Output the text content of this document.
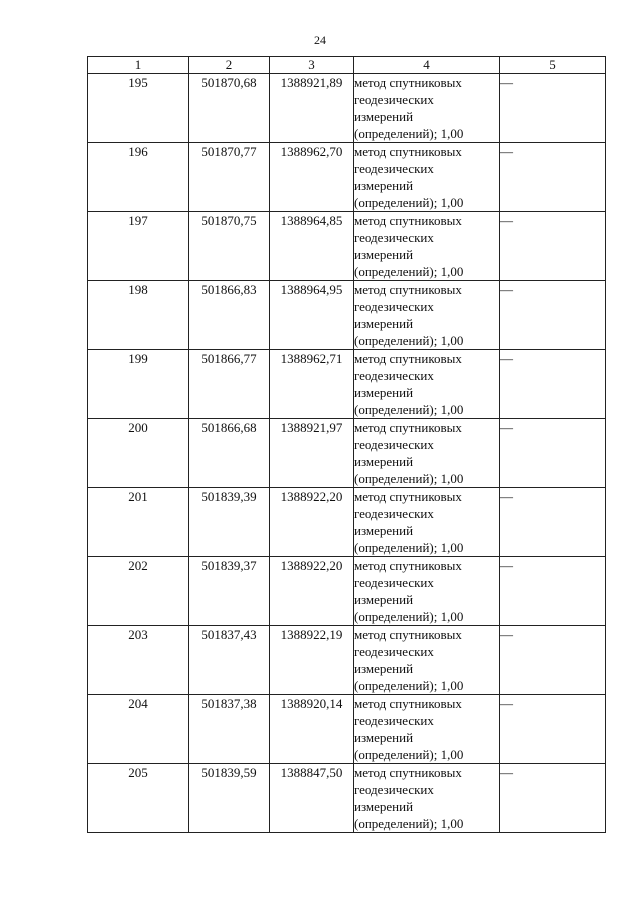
24
1	2	3	4	5
195	501870,68	1388921,89	метод спутниковых
геодезических
измерений
(определений); 1,00	—
196	501870,77	1388962,70	метод спутниковых
геодезических
измерений
(определений); 1,00	—
197	501870,75	1388964,85	метод спутниковых
геодезических
измерений
(определений); 1,00	—
198	501866,83	1388964,95	метод спутниковых
геодезических
измерений
(определений); 1,00	—
199	501866,77	1388962,71	метод спутниковых
геодезических
измерений
(определений); 1,00	—
200	501866,68	1388921,97	метод спутниковых
геодезических
измерений
(определений); 1,00	—
201	501839,39	1388922,20	метод спутниковых
геодезических
измерений
(определений); 1,00	—
202	501839,37	1388922,20	метод спутниковых
геодезических
измерений
(определений); 1,00	—
203	501837,43	1388922,19	метод спутниковых
геодезических
измерений
(определений); 1,00	—
204	501837,38	1388920,14	метод спутниковых
геодезических
измерений
(определений); 1,00	—
205	501839,59	1388847,50	метод спутниковых
геодезических
измерений
(определений); 1,00	—
